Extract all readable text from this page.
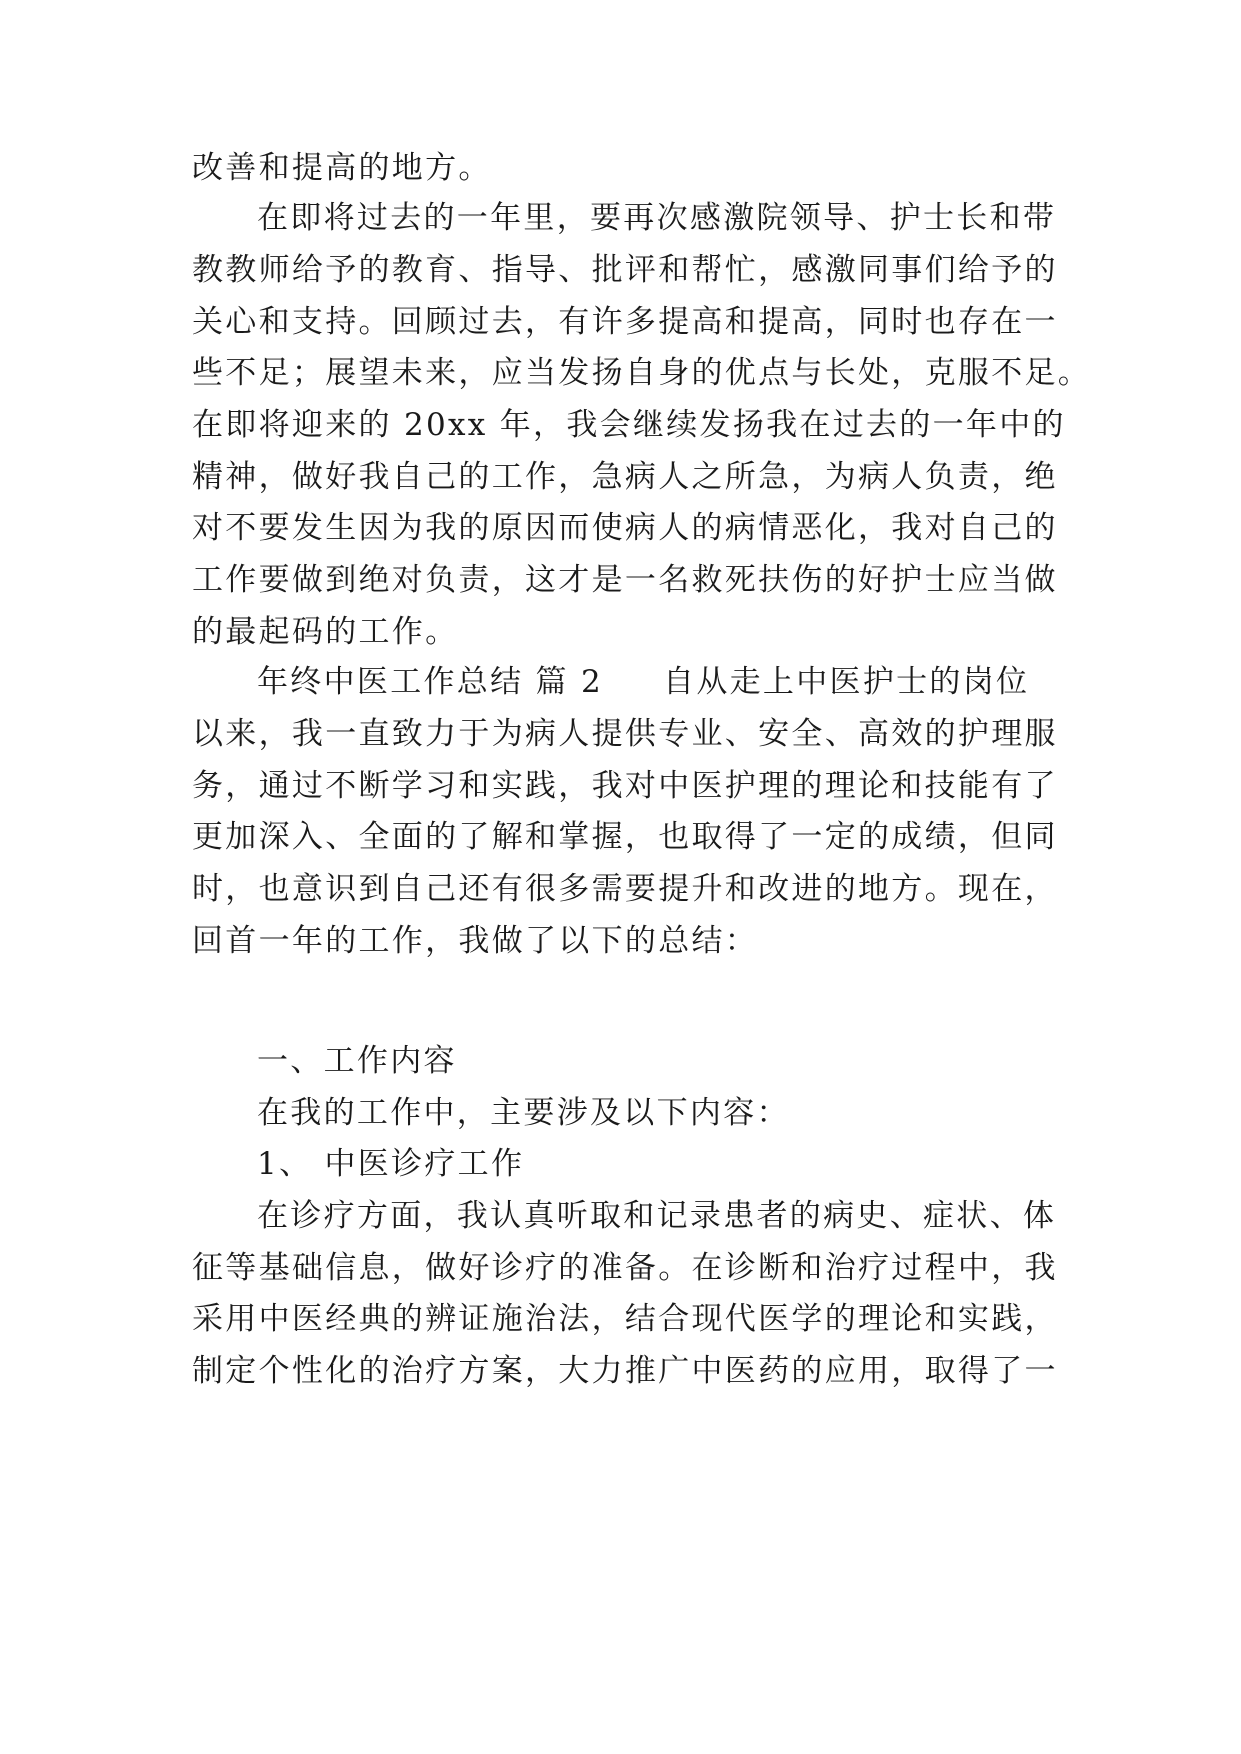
改善和提高的地方。
在即将过去的一年里，要再次感激院领导、护士长和带
教教师给予的教育、指导、批评和帮忙，感激同事们给予的
关心和支持。回顾过去，有许多提高和提高，同时也存在一
些不足；展望未来，应当发扬自身的优点与长处，克服不足。
在即将迎来的 20xx 年，我会继续发扬我在过去的一年中的
精神，做好我自己的工作，急病人之所急，为病人负责，绝
对不要发生因为我的原因而使病人的病情恶化，我对自己的
工作要做到绝对负责，这才是一名救死扶伤的好护士应当做
的最起码的工作。
年终中医工作总结 篇 2 自从走上中医护士的岗位
以来，我一直致力于为病人提供专业、安全、高效的护理服
务，通过不断学习和实践，我对中医护理的理论和技能有了
更加深入、全面的了解和掌握，也取得了一定的成绩，但同
时，也意识到自己还有很多需要提升和改进的地方。现在，
回首一年的工作，我做了以下的总结：
一、工作内容
在我的工作中，主要涉及以下内容：
1、 中医诊疗工作
在诊疗方面，我认真听取和记录患者的病史、症状、体
征等基础信息，做好诊疗的准备。在诊断和治疗过程中，我
采用中医经典的辨证施治法，结合现代医学的理论和实践，
制定个性化的治疗方案，大力推广中医药的应用，取得了一
